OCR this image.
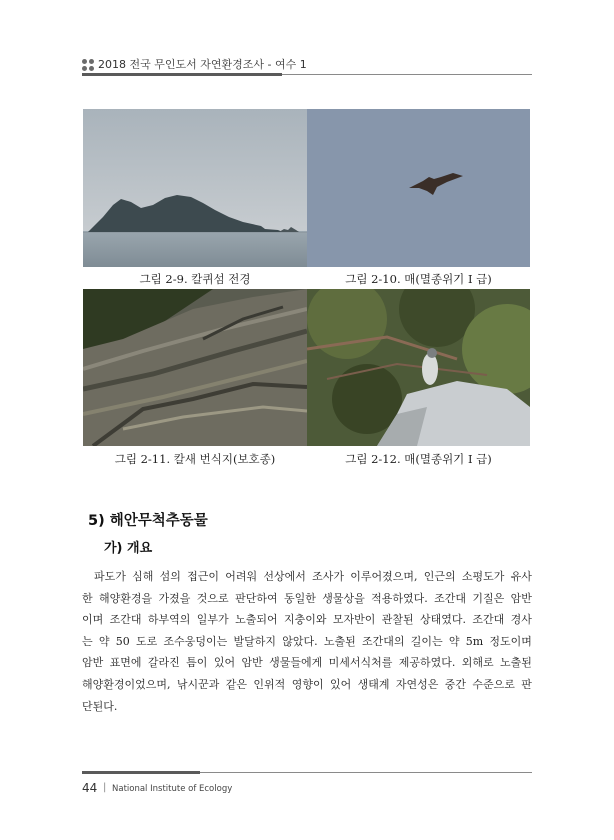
2018 전국 무인도서 자연환경조사 - 여수 1
그림 2-9. 칼퀴섬 전경	그림 2-10. 매(멸종위기 I 급)
그림 2-11. 칼새 번식지(보호종)	그림 2-12. 매(멸종위기 I 급)
5) 해안무척추동물
가) 개요
파도가 심해 섬의 접근이 어려워 선상에서 조사가 이루어졌으며, 인근의 소평도가 유사
한 해양환경을 가졌을 것으로 판단하여 동일한 생물상을 적용하였다. 조간대 기질은 암반
이며 조간대 하부역의 일부가 노출되어 지충이와 모자반이 관찰된 상태였다. 조간대 경사
는 약 50 도로 조수웅덩이는 발달하지 않았다. 노출된 조간대의 길이는 약 5m 정도이며
암반 표면에 갈라진 틈이 있어 암반 생물들에게 미세서식처를 제공하였다. 외해로 노출된
해양환경이었으며, 낚시꾼과 같은 인위적 영향이 있어 생태계 자연성은 중간 수준으로 판
단된다.
44 | National Institute of Ecology
